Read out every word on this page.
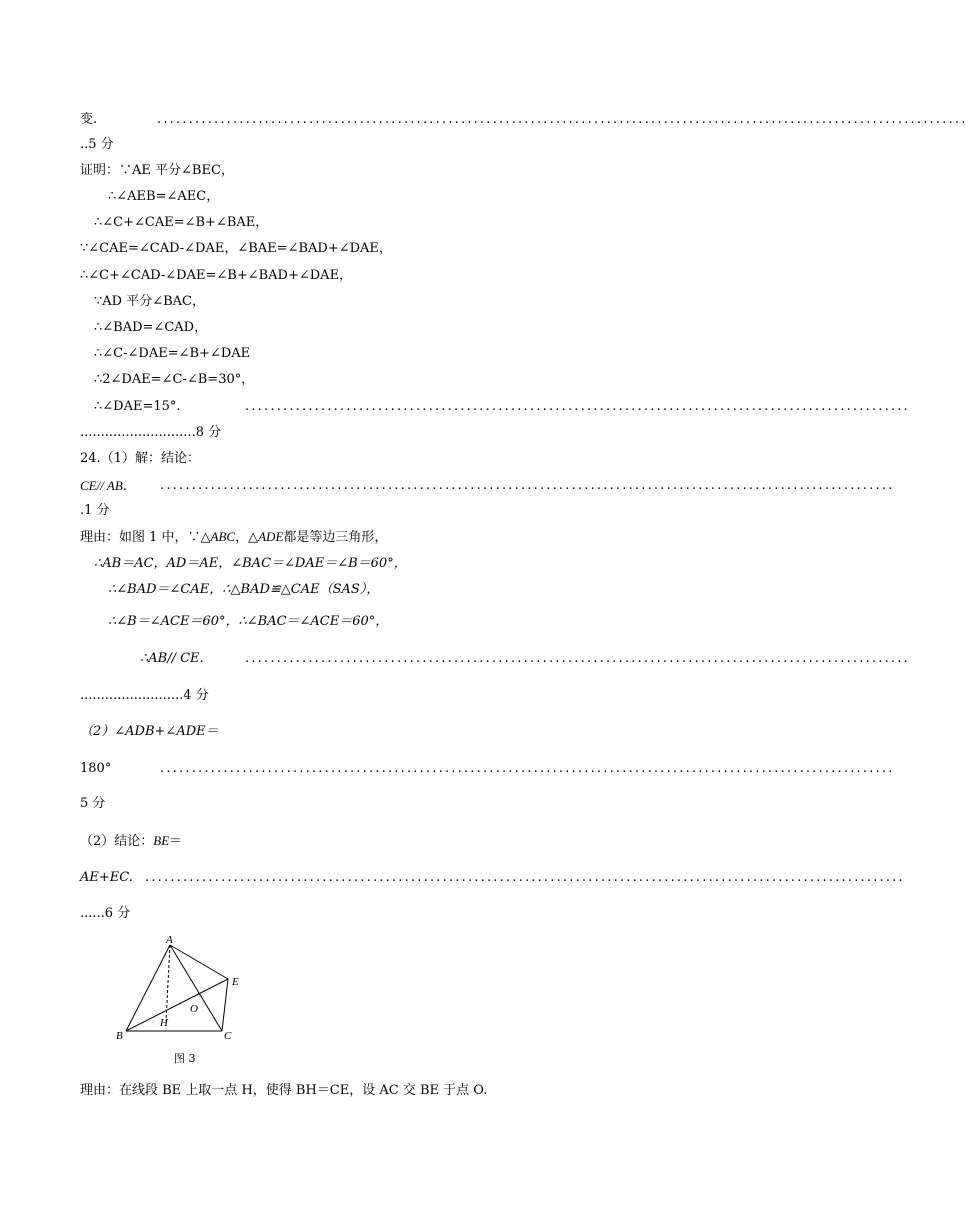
变.	................................................................................................................................
..5 分
证明：∵AE 平分∠BEC，
∴∠AEB=∠AEC，
∴∠C+∠CAE=∠B+∠BAE，
∵∠CAE=∠CAD-∠DAE，∠BAE=∠BAD+∠DAE，
∴∠C+∠CAD-∠DAE=∠B+∠BAD+∠DAE，
∵AD 平分∠BAC，
∴∠BAD=∠CAD，
∴∠C-∠DAE=∠B+∠DAE
∴2∠DAE=∠C-∠B=30°，
∴∠DAE=15°.	.........................................................................................................
............................8 分
24.（1）解：结论：
CE// AB.	....................................................................................................................
.1 分
理由：如图 1 中，∵△ABC，△ADE都是等边三角形，
∴AB＝AC，AD＝AE，∠BAC＝∠DAE＝∠B＝60°，
∴∠BAD＝∠CAE，∴△BAD≌△CAE（SAS），
∴∠B＝∠ACE＝60°，∴∠BAC＝∠ACE＝60°，
∴AB// CE.	.........................................................................................................
.........................4 分
（2）∠ADB+∠ADE＝
180°	....................................................................................................................
5 分
（2）结论：BE＝
AE+EC. ........................................................................................................................
......6 分
A
B	C
E
H
O
图 3
理由：在线段 BE 上取一点 H，使得 BH＝CE，设 AC 交 BE 于点 O.
